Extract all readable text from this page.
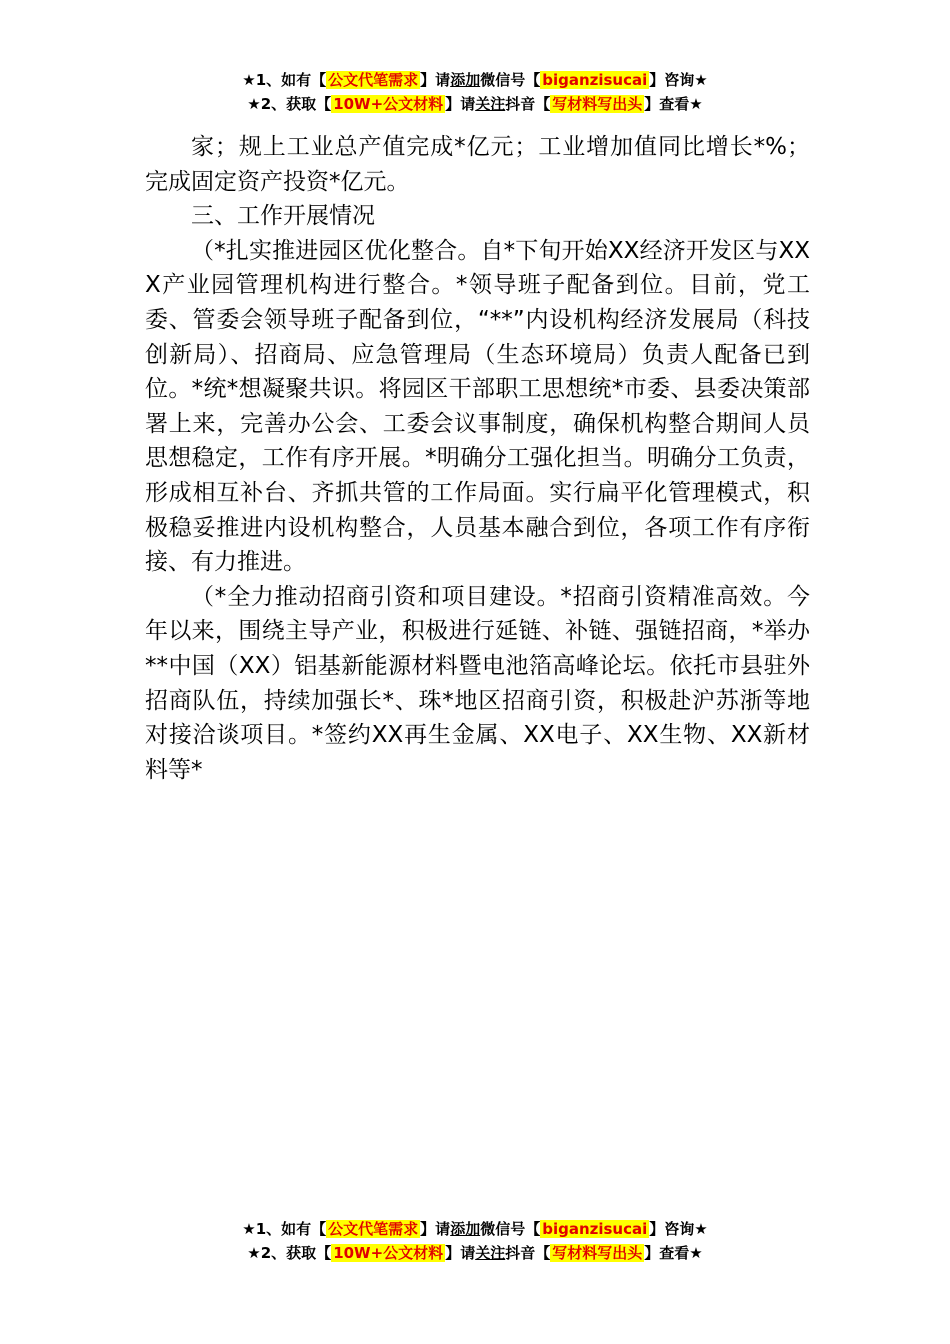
★1、如有【 公文代笔需求 】请添加微信号【 biganzisucai 】咨询★
★2、获取【 10W+公文材料 】请关注抖音【 写材料写出头 】查看★

家；规上工业总产值完成*亿元；工业增加值同比增长*%；完成固定资产投资*亿元。

三、工作开展情况

（*扎实推进园区优化整合。自*下旬开始XX经济开发区与XXX产业园管理机构进行整合。*领导班子配备到位。目前，党工委、管委会领导班子配备到位，“**”内设机构经济发展局（科技创新局）、招商局、应急管理局（生态环境局）负责人配备已到位。*统*想凝聚共识。将园区干部职工思想统*市委、县委决策部署上来，完善办公会、工委会议事制度，确保机构整合期间人员思想稳定，工作有序开展。*明确分工强化担当。明确分工负责，形成相互补台、齐抓共管的工作局面。实行扁平化管理模式，积极稳妥推进内设机构整合，人员基本融合到位，各项工作有序衔接、有力推进。

（*全力推动招商引资和项目建设。*招商引资精准高效。今年以来，围绕主导产业，积极进行延链、补链、强链招商，*举办**中国（XX）铝基新能源材料暨电池箔高峰论坛。依托市县驻外招商队伍，持续加强长*、珠*地区招商引资，积极赴沪苏浙等地对接洽谈项目。*签约XX再生金属、XX电子、XX生物、XX新材料等*

★1、如有【 公文代笔需求 】请添加微信号【 biganzisucai 】咨询★
★2、获取【 10W+公文材料 】请关注抖音【 写材料写出头 】查看★
